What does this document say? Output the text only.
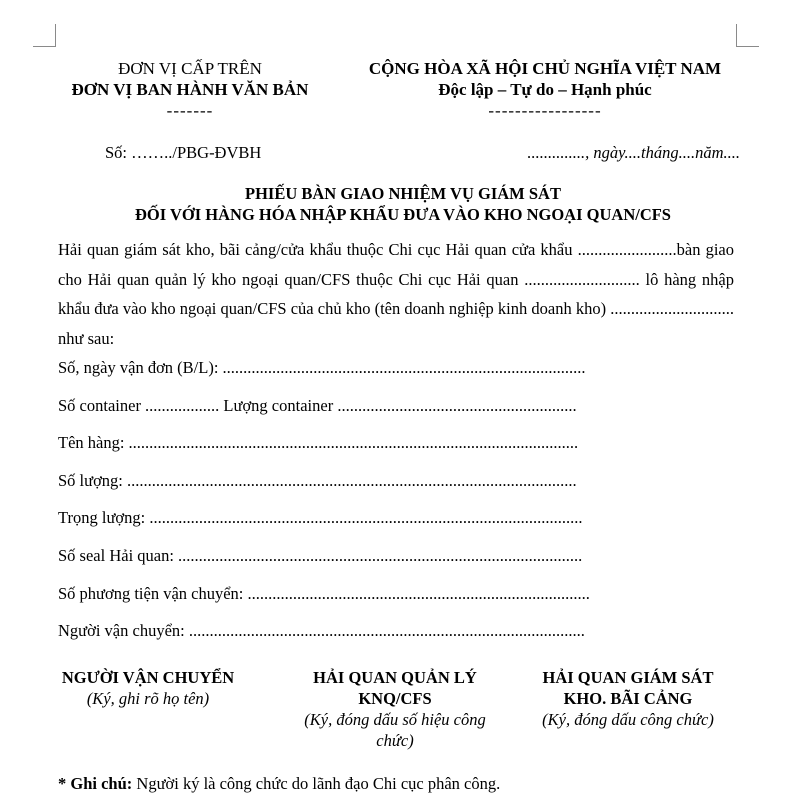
ĐƠN VỊ CẤP TRÊN
ĐƠN VỊ BAN HÀNH VĂN BẢN
-------
CỘNG HÒA XÃ HỘI CHỦ NGHĨA VIỆT NAM
Độc lập – Tự do – Hạnh phúc
-----------------
Số: ……../PBG-ĐVBH	.............., ngày....tháng....năm....
PHIẾU BÀN GIAO NHIỆM VỤ GIÁM SÁT
ĐỐI VỚI HÀNG HÓA NHẬP KHẨU ĐƯA VÀO KHO NGOẠI QUAN/CFS
Hải quan giám sát kho, bãi cảng/cửa khẩu thuộc Chi cục Hải quan cửa khẩu ........................bàn giao cho Hải quan quản lý kho ngoại quan/CFS thuộc Chi cục Hải quan ............................ lô hàng nhập khẩu đưa vào kho ngoại quan/CFS của chủ kho (tên doanh nghiệp kinh doanh kho) .............................. như sau:
Số, ngày vận đơn (B/L): ........................................................................................
Số container .................. Lượng container ..........................................................
Tên hàng: .............................................................................................................
Số lượng: .............................................................................................................
Trọng lượng: .........................................................................................................
Số seal Hải quan: ..................................................................................................
Số phương tiện vận chuyển: ...................................................................................
Người vận chuyển: ................................................................................................
NGƯỜI VẬN CHUYỂN
(Ký, ghi rõ họ tên)
HẢI QUAN QUẢN LÝ KNQ/CFS
(Ký, đóng dấu số hiệu công chức)
HẢI QUAN GIÁM SÁT KHO. BÃI CẢNG
(Ký, đóng dấu công chức)
* Ghi chú: Người ký là công chức do lãnh đạo Chi cục phân công.
